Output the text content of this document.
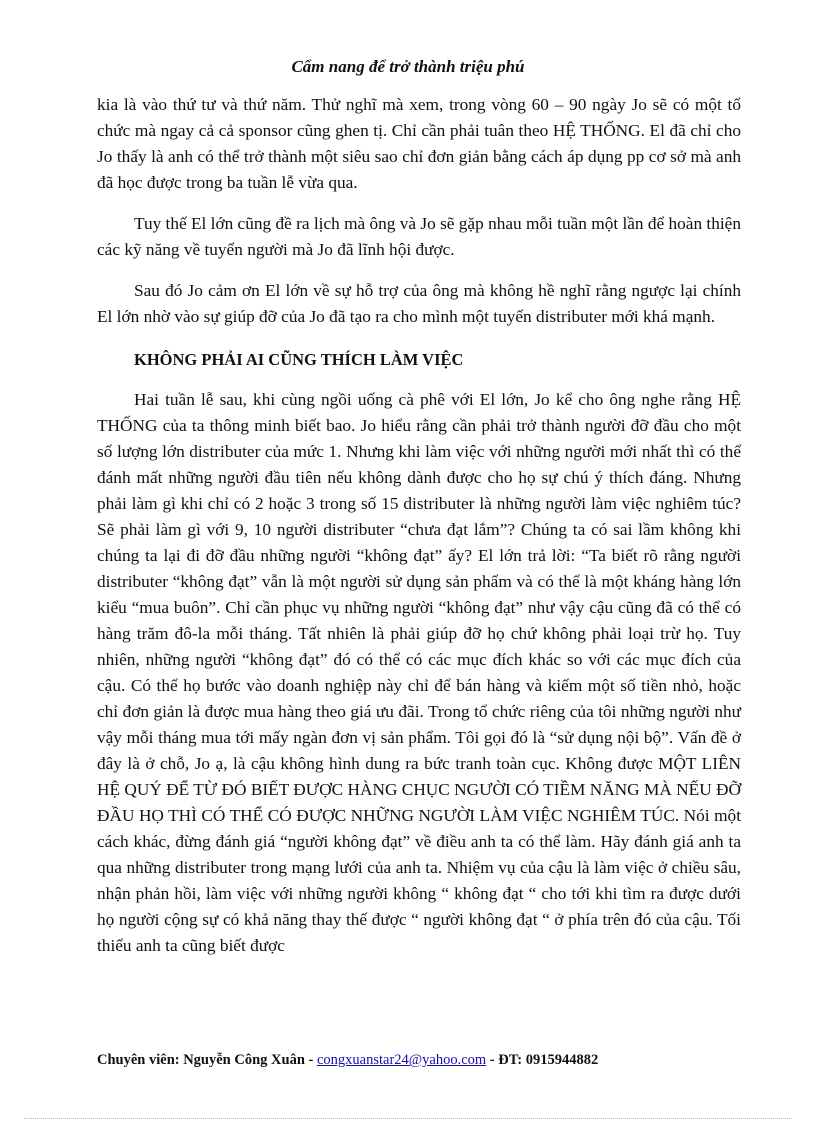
Cẩm nang để trở thành triệu phú

kia là vào thứ tư và thứ năm. Thử nghĩ mà xem, trong vòng 60 – 90 ngày Jo sẽ có một tổ chức mà ngay cả cả sponsor cũng ghen tị. Chỉ cần phải tuân theo HỆ THỐNG. El đã chỉ cho Jo thấy là anh có thể trở thành một siêu sao chỉ đơn giản bằng cách áp dụng pp cơ sở mà anh đã học được trong ba tuần lễ vừa qua.

Tuy thế El lớn cũng đề ra lịch mà ông và Jo sẽ gặp nhau mỗi tuần một lần để hoàn thiện các kỹ năng về tuyển người mà Jo đã lĩnh hội được.

Sau đó Jo cảm ơn El lớn về sự hỗ trợ của ông mà không hề nghĩ rằng ngược lại chính El lớn nhờ vào sự giúp đỡ của Jo đã tạo ra cho mình một tuyến distributer mới khá mạnh.

KHÔNG PHẢI AI CŨNG THÍCH LÀM VIỆC

Hai tuần lễ sau, khi cùng ngồi uống cà phê với El lớn, Jo kể cho ông nghe rằng HỆ THỐNG của ta thông minh biết bao. Jo hiểu rằng cần phải trở thành người đỡ đầu cho một số lượng lớn distributer của mức 1. Nhưng khi làm việc với những người mới nhất thì có thể đánh mất những người đầu tiên nếu không dành được cho họ sự chú ý thích đáng. Nhưng phải làm gì khi chỉ có 2 hoặc 3 trong số 15 distributer là những người làm việc nghiêm túc? Sẽ phải làm gì với 9, 10 người distributer “chưa đạt lắm”? Chúng ta có sai lầm không khi chúng ta lại đi đỡ đầu những người “không đạt” ấy? El lớn trả lời: “Ta biết rõ rằng người distributer “không đạt” vẫn là một người sử dụng sản phẩm và có thể là một kháng hàng lớn kiểu “mua buôn”. Chỉ cần phục vụ những người “không đạt” như vậy cậu cũng đã có thể có hàng trăm đô-la mỗi tháng. Tất nhiên là phải giúp đỡ họ chứ không phải loại trừ họ. Tuy nhiên, những người “không đạt” đó có thể có các mục đích khác so với các mục đích của cậu. Có thể họ bước vào doanh nghiệp này chỉ để bán hàng và kiếm một số tiền nhỏ, hoặc chỉ đơn giản là được mua hàng theo giá ưu đãi. Trong tổ chức riêng của tôi những người như vậy mỗi tháng mua tới mấy ngàn đơn vị sản phẩm. Tôi gọi đó là “sử dụng nội bộ”. Vấn đề ở đây là ở chỗ, Jo ạ, là cậu không hình dung ra bức tranh toàn cục. Không được MỘT LIÊN HỆ QUÝ ĐỂ TỪ ĐÓ BIẾT ĐƯỢC HÀNG CHỤC NGƯỜI CÓ TIỀM NĂNG MÀ NẾU ĐỠ ĐẦU HỌ THÌ CÓ THỂ CÓ ĐƯỢC NHỮNG NGƯỜI LÀM VIỆC NGHIÊM TÚC. Nói một cách khác, đừng đánh giá “người không đạt” về điều anh ta có thể làm. Hãy đánh giá anh ta qua những distributer trong mạng lưới của anh ta. Nhiệm vụ của cậu là làm việc ở chiều sâu, nhận phản hồi, làm việc với những người không “ không đạt “ cho tới khi tìm ra được dưới họ người cộng sự có khả năng thay thế được “ người không đạt “ ở phía trên đó của cậu. Tối thiểu anh ta cũng biết được

Chuyên viên: Nguyễn Công Xuân - congxuanstar24@yahoo.com - ĐT: 0915944882
